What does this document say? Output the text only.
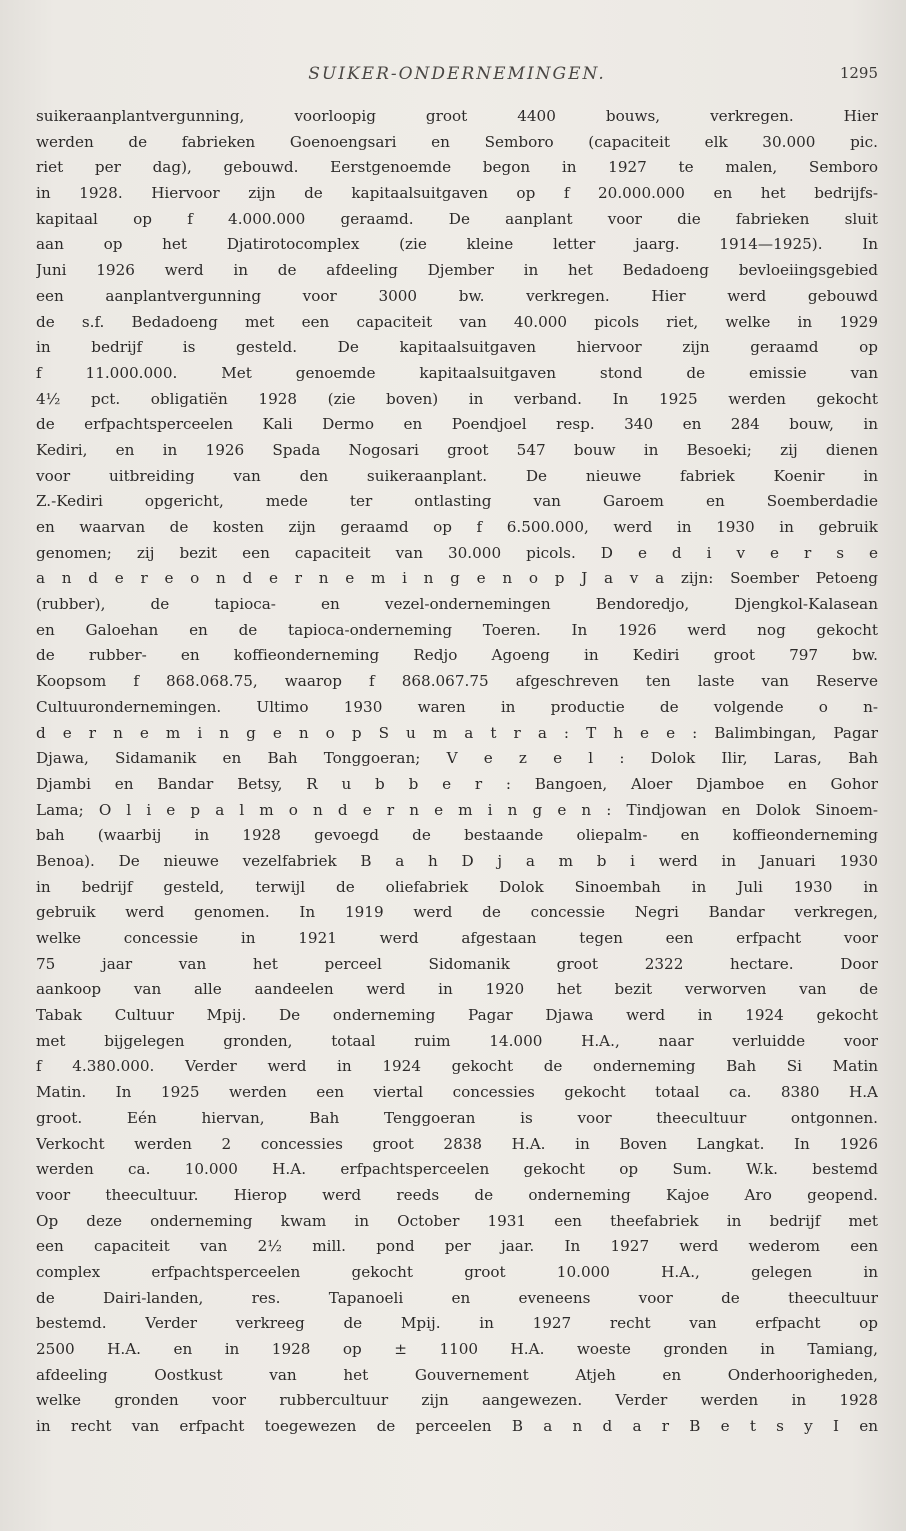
SUIKER-ONDERNEMINGEN.	1295
suikeraanplantvergunning, voorloopig groot 4400 bouws, verkregen. Hier
werden de fabrieken Goenoengsari en Semboro (capaciteit elk 30.000 pic.
riet per dag), gebouwd. Eerstgenoemde begon in 1927 te malen, Semboro
in 1928. Hiervoor zijn de kapitaalsuitgaven op f 20.000.000 en het bedrijfs-
kapitaal op f 4.000.000 geraamd. De aanplant voor die fabrieken sluit
aan op het Djatirotocomplex (zie kleine letter jaarg. 1914—1925). In
Juni 1926 werd in de afdeeling Djember in het Bedadoeng bevloeiingsgebied
een aanplantvergunning voor 3000 bw. verkregen. Hier werd gebouwd
de s.f. Bedadoeng met een capaciteit van 40.000 picols riet, welke in 1929
in bedrijf is gesteld. De kapitaalsuitgaven hiervoor zijn geraamd op
f 11.000.000. Met genoemde kapitaalsuitgaven stond de emissie van
4½ pct. obligatiën 1928 (zie boven) in verband. In 1925 werden gekocht
de erfpachtsperceelen Kali Dermo en Poendjoel resp. 340 en 284 bouw, in
Kediri, en in 1926 Spada Nogosari groot 547 bouw in Besoeki; zij dienen
voor uitbreiding van den suikeraanplant. De nieuwe fabriek Koenir in
Z.-Kediri opgericht, mede ter ontlasting van Garoem en Soemberdadie
en waarvan de kosten zijn geraamd op f 6.500.000, werd in 1930 in gebruik
genomen; zij bezit een capaciteit van 30.000 picols. D e d i v e r s e
a n d e r e o n d e r n e m i n g e n o p J a v a zijn: Soember Petoeng
(rubber), de tapioca- en vezel-ondernemingen Bendoredjo, Djengkol-Kalasean
en Galoehan en de tapioca-onderneming Toeren. In 1926 werd nog gekocht
de rubber- en koffieonderneming Redjo Agoeng in Kediri groot 797 bw.
Koopsom f 868.068.75, waarop f 868.067.75 afgeschreven ten laste van Reserve
Cultuurondernemingen. Ultimo 1930 waren in productie de volgende o n-
d e r n e m i n g e n o p S u m a t r a : T h e e : Balimbingan, Pagar
Djawa, Sidamanik en Bah Tonggoeran; V e z e l : Dolok Ilir, Laras, Bah
Djambi en Bandar Betsy, R u b b e r : Bangoen, Aloer Djamboe en Gohor
Lama; O l i e p a l m o n d e r n e m i n g e n : Tindjowan en Dolok Sinoem-
bah (waarbij in 1928 gevoegd de bestaande oliepalm- en koffieonderneming
Benoa). De nieuwe vezelfabriek B a h D j a m b i werd in Januari 1930
in bedrijf gesteld, terwijl de oliefabriek Dolok Sinoembah in Juli 1930 in
gebruik werd genomen. In 1919 werd de concessie Negri Bandar verkregen,
welke concessie in 1921 werd afgestaan tegen een erfpacht voor
75 jaar van het perceel Sidomanik groot 2322 hectare. Door
aankoop van alle aandeelen werd in 1920 het bezit verworven van de
Tabak Cultuur Mpij. De onderneming Pagar Djawa werd in 1924 gekocht
met bijgelegen gronden, totaal ruim 14.000 H.A., naar verluidde voor
f 4.380.000. Verder werd in 1924 gekocht de onderneming Bah Si Matin
Matin. In 1925 werden een viertal concessies gekocht totaal ca. 8380 H.A
groot. Eén hiervan, Bah Tenggoeran is voor theecultuur ontgonnen.
Verkocht werden 2 concessies groot 2838 H.A. in Boven Langkat. In 1926
werden ca. 10.000 H.A. erfpachtsperceelen gekocht op Sum. W.k. bestemd
voor theecultuur. Hierop werd reeds de onderneming Kajoe Aro geopend.
Op deze onderneming kwam in October 1931 een theefabriek in bedrijf met
een capaciteit van 2½ mill. pond per jaar. In 1927 werd wederom een
complex erfpachtsperceelen gekocht groot 10.000 H.A., gelegen in
de Dairi-landen, res. Tapanoeli en eveneens voor de theecultuur
bestemd. Verder verkreeg de Mpij. in 1927 recht van erfpacht op
2500 H.A. en in 1928 op ± 1100 H.A. woeste gronden in Tamiang,
afdeeling Oostkust van het Gouvernement Atjeh en Onderhoorigheden,
welke gronden voor rubbercultuur zijn aangewezen. Verder werden in 1928
in recht van erfpacht toegewezen de perceelen B a n d a r B e t s y I en
